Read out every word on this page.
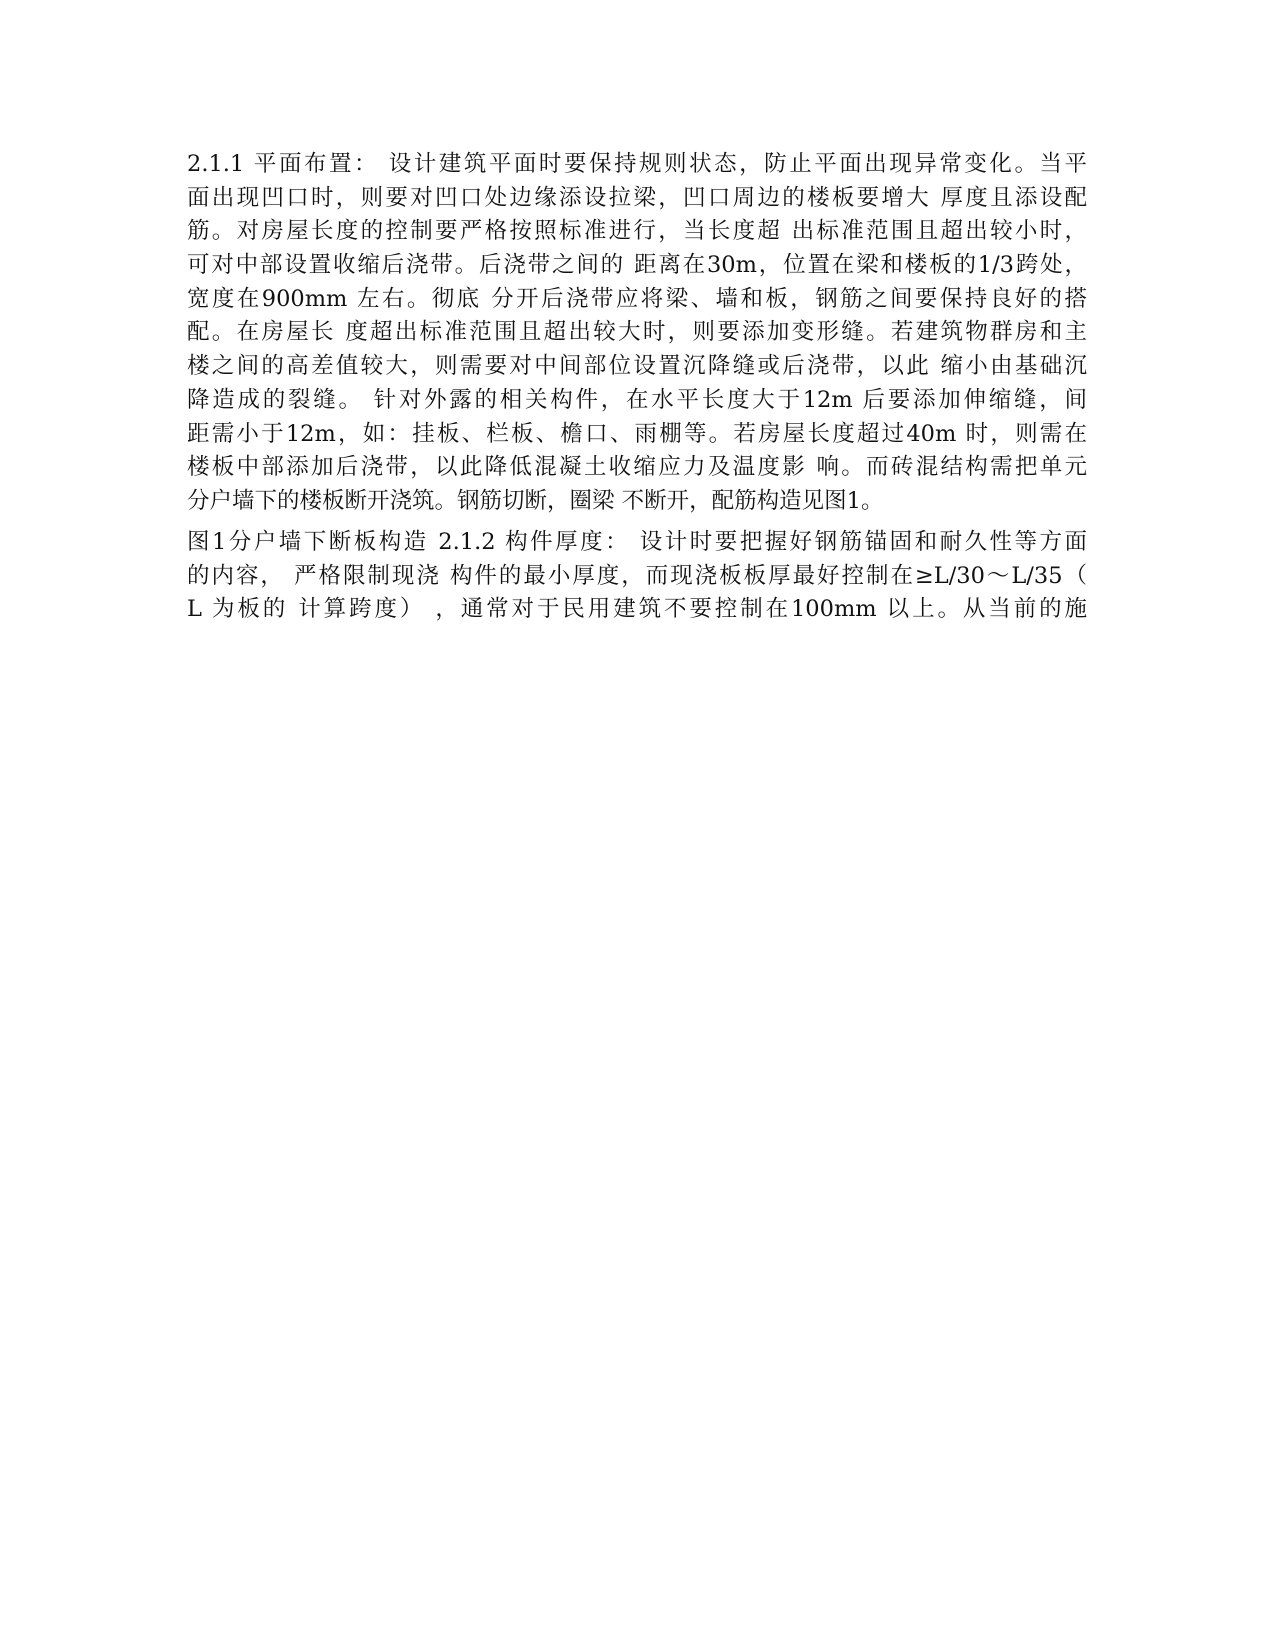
2.1.1 平面布置： 设计建筑平面时要保持规则状态，防止平面出现异常变化。当平
面出现凹口时，则要对凹口处边缘添设拉梁，凹口周边的楼板要增大 厚度且添设配
筋。对房屋长度的控制要严格按照标准进行，当长度超 出标准范围且超出较小时，
可对中部设置收缩后浇带。后浇带之间的 距离在30m，位置在梁和楼板的1/3跨处，
宽度在900mm 左右。彻底 分开后浇带应将梁、墙和板，钢筋之间要保持良好的搭
配。在房屋长 度超出标准范围且超出较大时，则要添加变形缝。若建筑物群房和主
楼之间的高差值较大，则需要对中间部位设置沉降缝或后浇带，以此 缩小由基础沉
降造成的裂缝。 针对外露的相关构件，在水平长度大于12m 后要添加伸缩缝，间
距需小于12m，如：挂板、栏板、檐口、雨棚等。若房屋长度超过40m 时，则需在
楼板中部添加后浇带，以此降低混凝土收缩应力及温度影 响。而砖混结构需把单元
分户墙下的楼板断开浇筑。钢筋切断，圈梁 不断开，配筋构造见图1。
图1分户墙下断板构造 2.1.2 构件厚度： 设计时要把握好钢筋锚固和耐久性等方面
的内容， 严格限制现浇 构件的最小厚度，而现浇板板厚最好控制在≥L/30～L/35（
L 为板的 计算跨度） ，通常对于民用建筑不要控制在100mm 以上。从当前的施
